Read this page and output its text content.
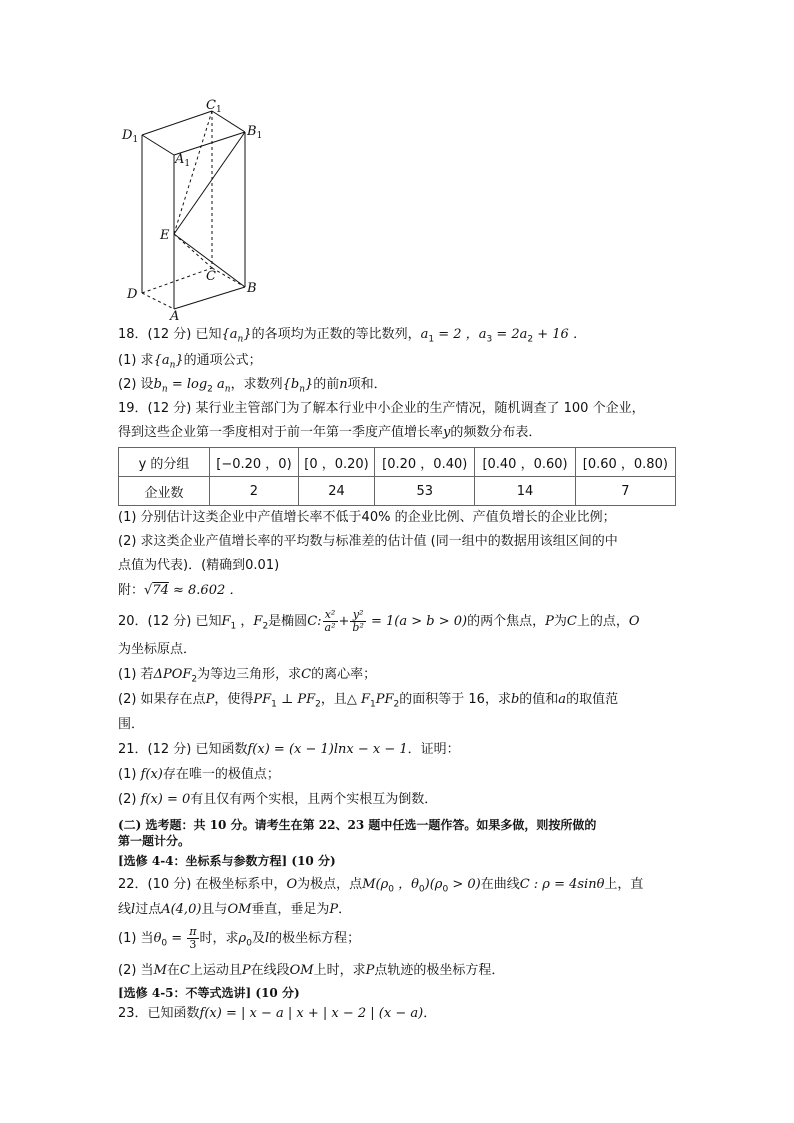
$C_1$
$B_1$
$D_1$
$A_1$
E
C
B
D
A
18．(12 分) 已知$\{a_n\}$的各项均为正数的等比数列，$a_1 = 2$ ，$a_3 = 2a_2 + 16$ ．
(1) 求$\{a_n\}$的通项公式；
(2) 设$b_n = \log_2 a_n$，求数列$\{b_n\}$的前n项和．
19．(12 分) 某行业主管部门为了解本行业中小企业的生产情况，随机调查了 100 个企业，
得到这些企业第一季度相对于前一年第一季度产值增长率y的频数分布表．
y 的分组	[−0.20 ，0)	[0 ，0.20)	[0.20 ，0.40)	[0.40 ，0.60)	[0.60 ，0.80)
企业数	2	24	53	14	7
(1) 分别估计这类企业中产值增长率不低于40% 的企业比例、产值负增长的企业比例；
(2) 求这类企业产值增长率的平均数与标准差的估计值 (同一组中的数据用该组区间的中
点值为代表)．(精确到0.01)
附：√74 ≈ 8.602 ．
20．(12 分) 已知$F_1$ ，$F_2$是椭圆C: $\frac{\text{x²}}{\text{a²}} + \frac{\text{y²}}{\text{b²}} = 1(a > b > 0)$的两个焦点，P为C上的点，O
为坐标原点．
(1) 若$\Delta POF_2$为等边三角形，求C的离心率；
(2) 如果存在点P，使得$PF_1$ ⊥ $PF_2$，且△ $F_1PF_2$的面积等于 16，求b的值和a的取值范
围．
21．(12 分) 已知函数f(x) = (x − 1)lnx − x − 1．证明：
(1) f(x)存在唯一的极值点；
(2) f(x) = 0有且仅有两个实根，且两个实根互为倒数．
(二) 选考题：共 10 分。请考生在第 22、23 题中任选一题作答。如果多做，则按所做的
第一题计分。
[选修 4-4：坐标系与参数方程] (10 分)
22．(10 分) 在极坐标系中，O为极点，点$M(\rho_0$ ，$\theta_0)(\rho_0 > 0)$在曲线C : ρ = 4sinθ上，直
线l过点A(4,0)且与OM垂直，垂足为P．
(1) 当$\theta_0 = \frac{\pi}{3}$ 时，求$\rho_0$及l的极坐标方程；
(2) 当M在C上运动且P在线段OM上时，求P点轨迹的极坐标方程．
[选修 4-5：不等式选讲] (10 分)
23．已知函数f(x) = | x − a | x + | x − 2 | (x − a)．
